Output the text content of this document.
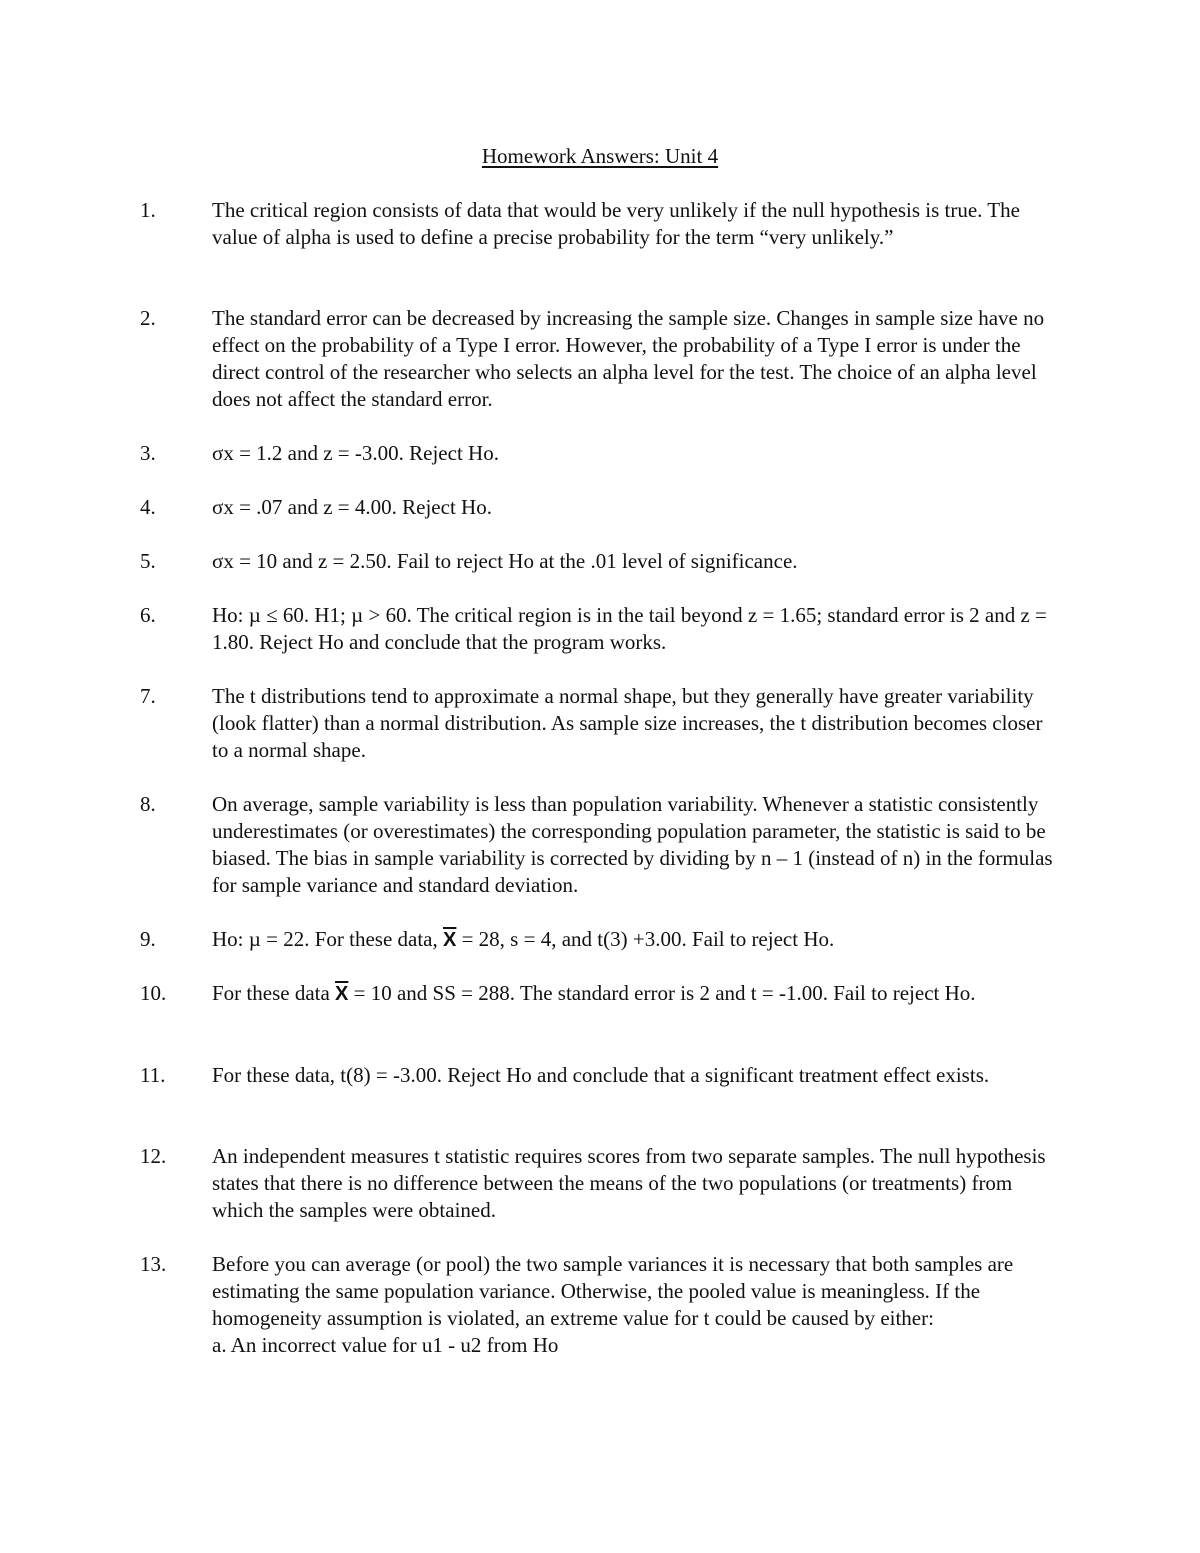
Homework Answers: Unit 4
1.	The critical region consists of data that would be very unlikely if the null hypothesis is true. The value of alpha is used to define a precise probability for the term “very unlikely.”
2.	The standard error can be decreased by increasing the sample size. Changes in sample size have no effect on the probability of a Type I error. However, the probability of a Type I error is under the direct control of the researcher who selects an alpha level for the test. The choice of an alpha level does not affect the standard error.
3.	σx = 1.2 and z = -3.00. Reject Ho.
4.	σx = .07 and z = 4.00. Reject Ho.
5.	σx = 10 and z = 2.50. Fail to reject Ho at the .01 level of significance.
6.	Ho: µ ≤ 60. H1; µ > 60. The critical region is in the tail beyond z = 1.65; standard error is 2 and z = 1.80. Reject Ho and conclude that the program works.
7.	The t distributions tend to approximate a normal shape, but they generally have greater variability (look flatter) than a normal distribution. As sample size increases, the t distribution becomes closer to a normal shape.
8.	On average, sample variability is less than population variability. Whenever a statistic consistently underestimates (or overestimates) the corresponding population parameter, the statistic is said to be biased. The bias in sample variability is corrected by dividing by n – 1 (instead of n) in the formulas for sample variance and standard deviation.
9.	Ho: µ = 22. For these data, $\overline{X} = 28$, s = 4, and t(3) +3.00. Fail to reject Ho.
10.	For these data $\overline{X} = 10$ and SS = 288. The standard error is 2 and t = -1.00. Fail to reject Ho.
11.	For these data, t(8) = -3.00. Reject Ho and conclude that a significant treatment effect exists.
12.	An independent measures t statistic requires scores from two separate samples. The null hypothesis states that there is no difference between the means of the two populations (or treatments) from which the samples were obtained.
13.	Before you can average (or pool) the two sample variances it is necessary that both samples are estimating the same population variance. Otherwise, the pooled value is meaningless. If the homogeneity assumption is violated, an extreme value for t could be caused by either:
a. An incorrect value for u1 - u2 from Ho
